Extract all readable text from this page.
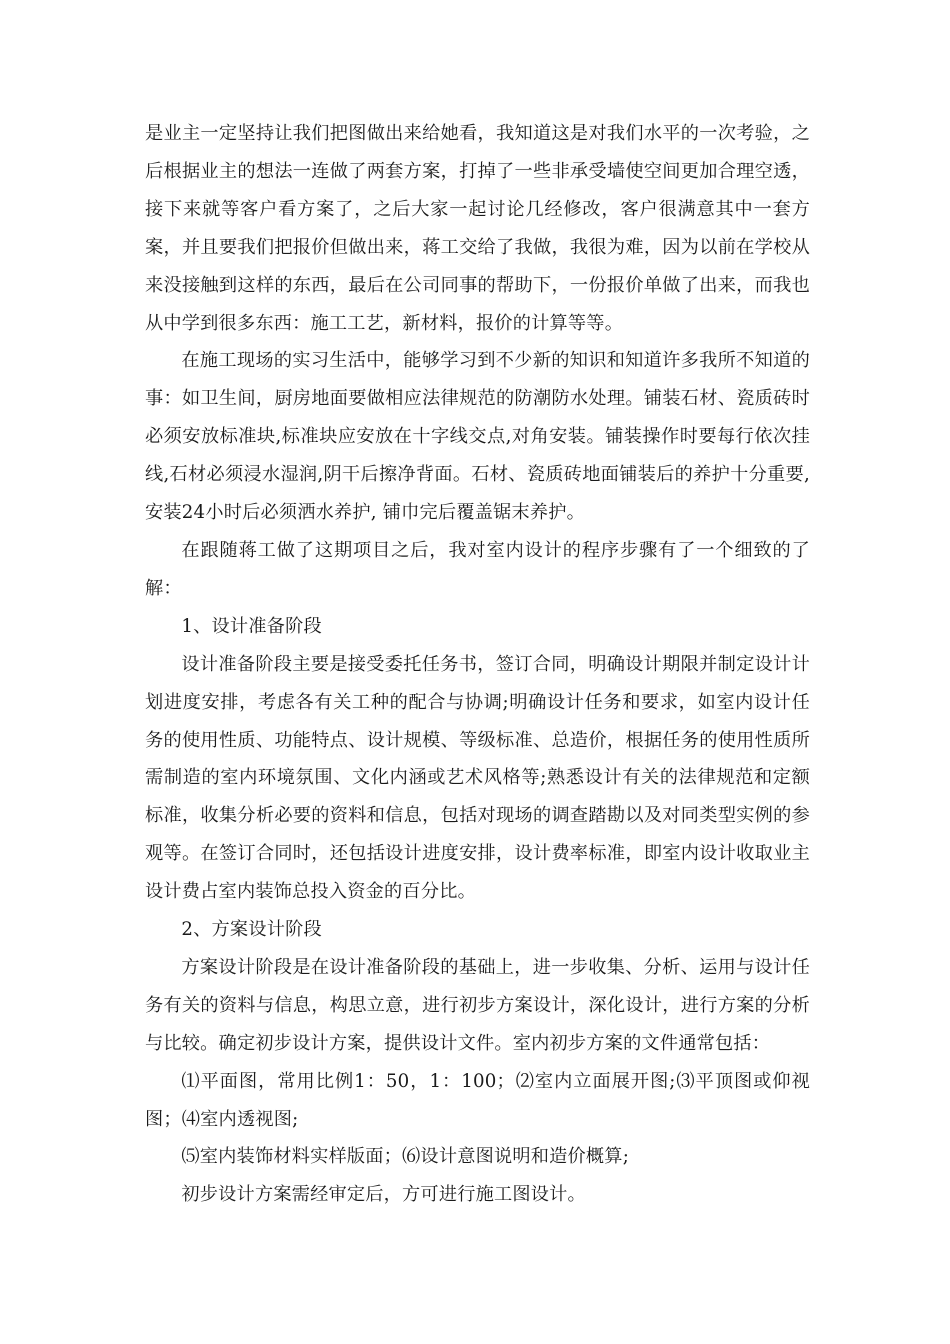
是业主一定坚持让我们把图做出来给她看，我知道这是对我们水平的一次考验，之后根据业主的想法一连做了两套方案，打掉了一些非承受墙使空间更加合理空透，接下来就等客户看方案了，之后大家一起讨论几经修改，客户很满意其中一套方案，并且要我们把报价但做出来，蒋工交给了我做，我很为难，因为以前在学校从来没接触到这样的东西，最后在公司同事的帮助下，一份报价单做了出来，而我也从中学到很多东西：施工工艺，新材料，报价的计算等等。

在施工现场的实习生活中，能够学习到不少新的知识和知道许多我所不知道的事：如卫生间，厨房地面要做相应法律规范的防潮防水处理。铺装石材、瓷质砖时必须安放标准块,标准块应安放在十字线交点,对角安装。铺装操作时要每行依次挂线,石材必须浸水湿润,阴干后擦净背面。石材、瓷质砖地面铺装后的养护十分重要,安装24小时后必须洒水养护, 铺巾完后覆盖锯末养护。

在跟随蒋工做了这期项目之后，我对室内设计的程序步骤有了一个细致的了解：

1、设计准备阶段

设计准备阶段主要是接受委托任务书，签订合同，明确设计期限并制定设计计划进度安排，考虑各有关工种的配合与协调;明确设计任务和要求，如室内设计任务的使用性质、功能特点、设计规模、等级标准、总造价，根据任务的使用性质所需制造的室内环境氛围、文化内涵或艺术风格等;熟悉设计有关的法律规范和定额标准，收集分析必要的资料和信息，包括对现场的调查踏勘以及对同类型实例的参观等。在签订合同时，还包括设计进度安排，设计费率标准，即室内设计收取业主设计费占室内装饰总投入资金的百分比。

2、方案设计阶段

方案设计阶段是在设计准备阶段的基础上，进一步收集、分析、运用与设计任务有关的资料与信息，构思立意，进行初步方案设计，深化设计，进行方案的分析与比较。确定初步设计方案，提供设计文件。室内初步方案的文件通常包括：

⑴平面图，常用比例1：50，1：100；⑵室内立面展开图;⑶平顶图或仰视图；⑷室内透视图;

⑸室内装饰材料实样版面；⑹设计意图说明和造价概算;

初步设计方案需经审定后，方可进行施工图设计。
